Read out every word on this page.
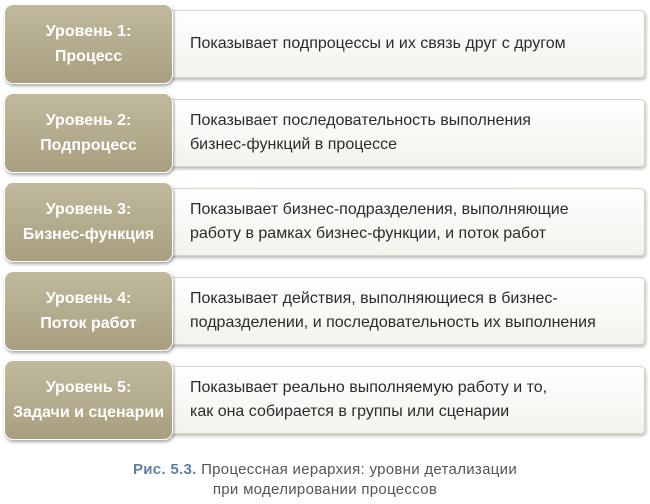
Показывает подпроцессы и их связь друг с другом
Уровень 1:
Процесс
Показывает последовательность выполнения
бизнес-функций в процессе
Уровень 2:
Подпроцесс
Показывает бизнес-подразделения, выполняющие
работу в рамках бизнес-функции, и поток работ
Уровень 3:
Бизнес-функция
Показывает действия, выполняющиеся в бизнес-
подразделении, и последовательность их выполнения
Уровень 4:
Поток работ
Показывает реально выполняемую работу и то,
как она собирается в группы или сценарии
Уровень 5:
Задачи и сценарии
Рис. 5.3. Процессная иерархия: уровни детализации
при моделировании процессов
